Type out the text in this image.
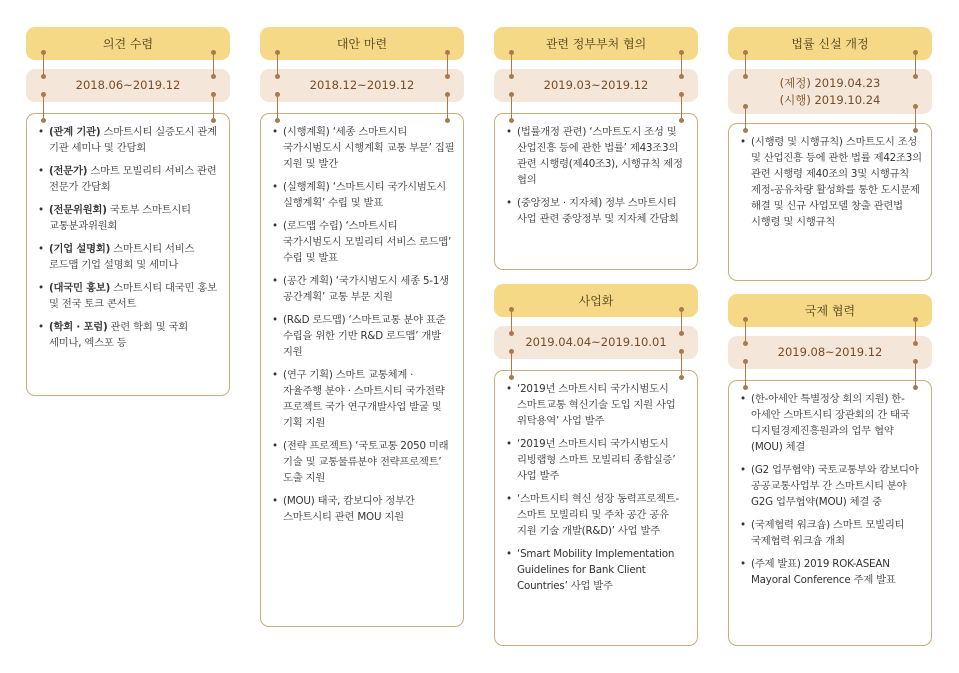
의견 수렴
2018.06~2019.12
• (관계 기관) 스마트시티 실증도시 관계 기관 세미나 및 간담회
• (전문가) 스마트 모빌리티 서비스 관련 전문가 간담회
• (전문위원회) 국토부 스마트시티 교통분과위원회
• (기업 설명회) 스마트시티 서비스 로드맵 기업 설명회 및 세미나
• (대국민 홍보) 스마트시티 대국민 홍보 및 전국 토크 콘서트
• (학회 · 포럼) 관련 학회 및 국회 세미나, 엑스포 등
대안 마련
2018.12~2019.12
• (시행계획) ‘세종 스마트시티 국가시범도시 시행계획 교통 부문’ 집필 지원 및 발간
• (실행계획) ‘스마트시티 국가시범도시 실행계획’ 수립 및 발표
• (로드맵 수립) ‘스마트시티 국가시범도시 모빌리티 서비스 로드맵’ 수립 및 발표
• (공간 계획) ‘국가시범도시 세종 5-1생 공간계획’ 교통 부문 지원
• (R&D 로드맵) ‘스마트교통 분야 표준 수립을 위한 기반 R&D 로드맵’ 개발 지원
• (연구 기획) 스마트 교통체계 · 자율주행 분야 · 스마트시티 국가전략 프로젝트 국가 연구개발사업 발굴 및 기획 지원
• (전략 프로젝트) ‘국토교통 2050 미래 기술 및 교통물류분야 전략프로젝트’ 도출 지원
• (MOU) 태국, 캄보디아 정부간 스마트시티 관련 MOU 지원
관련 정부부처 협의
2019.03~2019.12
• (법률개정 관련) ‘스마트도시 조성 및 산업진흥 등에 관한 법률’ 제43조3의 관련 시행령(제40조3), 시행규칙 제정 협의
• (중앙정보 · 지자체) 정부 스마트시티 사업 관련 중앙정부 및 지자체 간담회
사업화
2019.04.04~2019.10.01
• ‘2019년 스마트시티 국가시범도시 스마트교통 혁신기술 도입 지원 사업 위탁용역’ 사업 발주
• ‘2019년 스마트시티 국가시범도시 리빙랩형 스마트 모빌리티 종합실증’ 사업 발주
• ‘스마트시티 혁신 성장 동력프로젝트-스마트 모빌리티 및 주차 공간 공유 지원 기술 개발(R&D)’ 사업 발주
• ‘Smart Mobility Implementation Guidelines for Bank Client Countries’ 사업 발주
법률 신설 개정
(제정) 2019.04.23
(시행) 2019.10.24
• (시행령 및 시행규칙) 스마트도시 조성 및 산업진흥 등에 관한 법률 제42조3의 관련 시행령 제40조의 3및 시행규칙 제정-공유차량 활성화를 통한 도시문제 해결 및 신규 사업모델 창출 관련법 시행령 및 시행규칙
국제 협력
2019.08~2019.12
• (한-아세안 특별정상 회의 지원) 한-아세안 스마트시티 장관회의 간 태국 디지털경제진흥원과의 업무 협약(MOU) 체결
• (G2 업무협약) 국토교통부와 캄보디아 공공교통사업부 간 스마트시티 분야 G2G 업무협약(MOU) 체결 중
• (국제협력 워크숍) 스마트 모빌리티 국제협력 워크숍 개최
• (주제 발표) 2019 ROK-ASEAN Mayoral Conference 주제 발표
